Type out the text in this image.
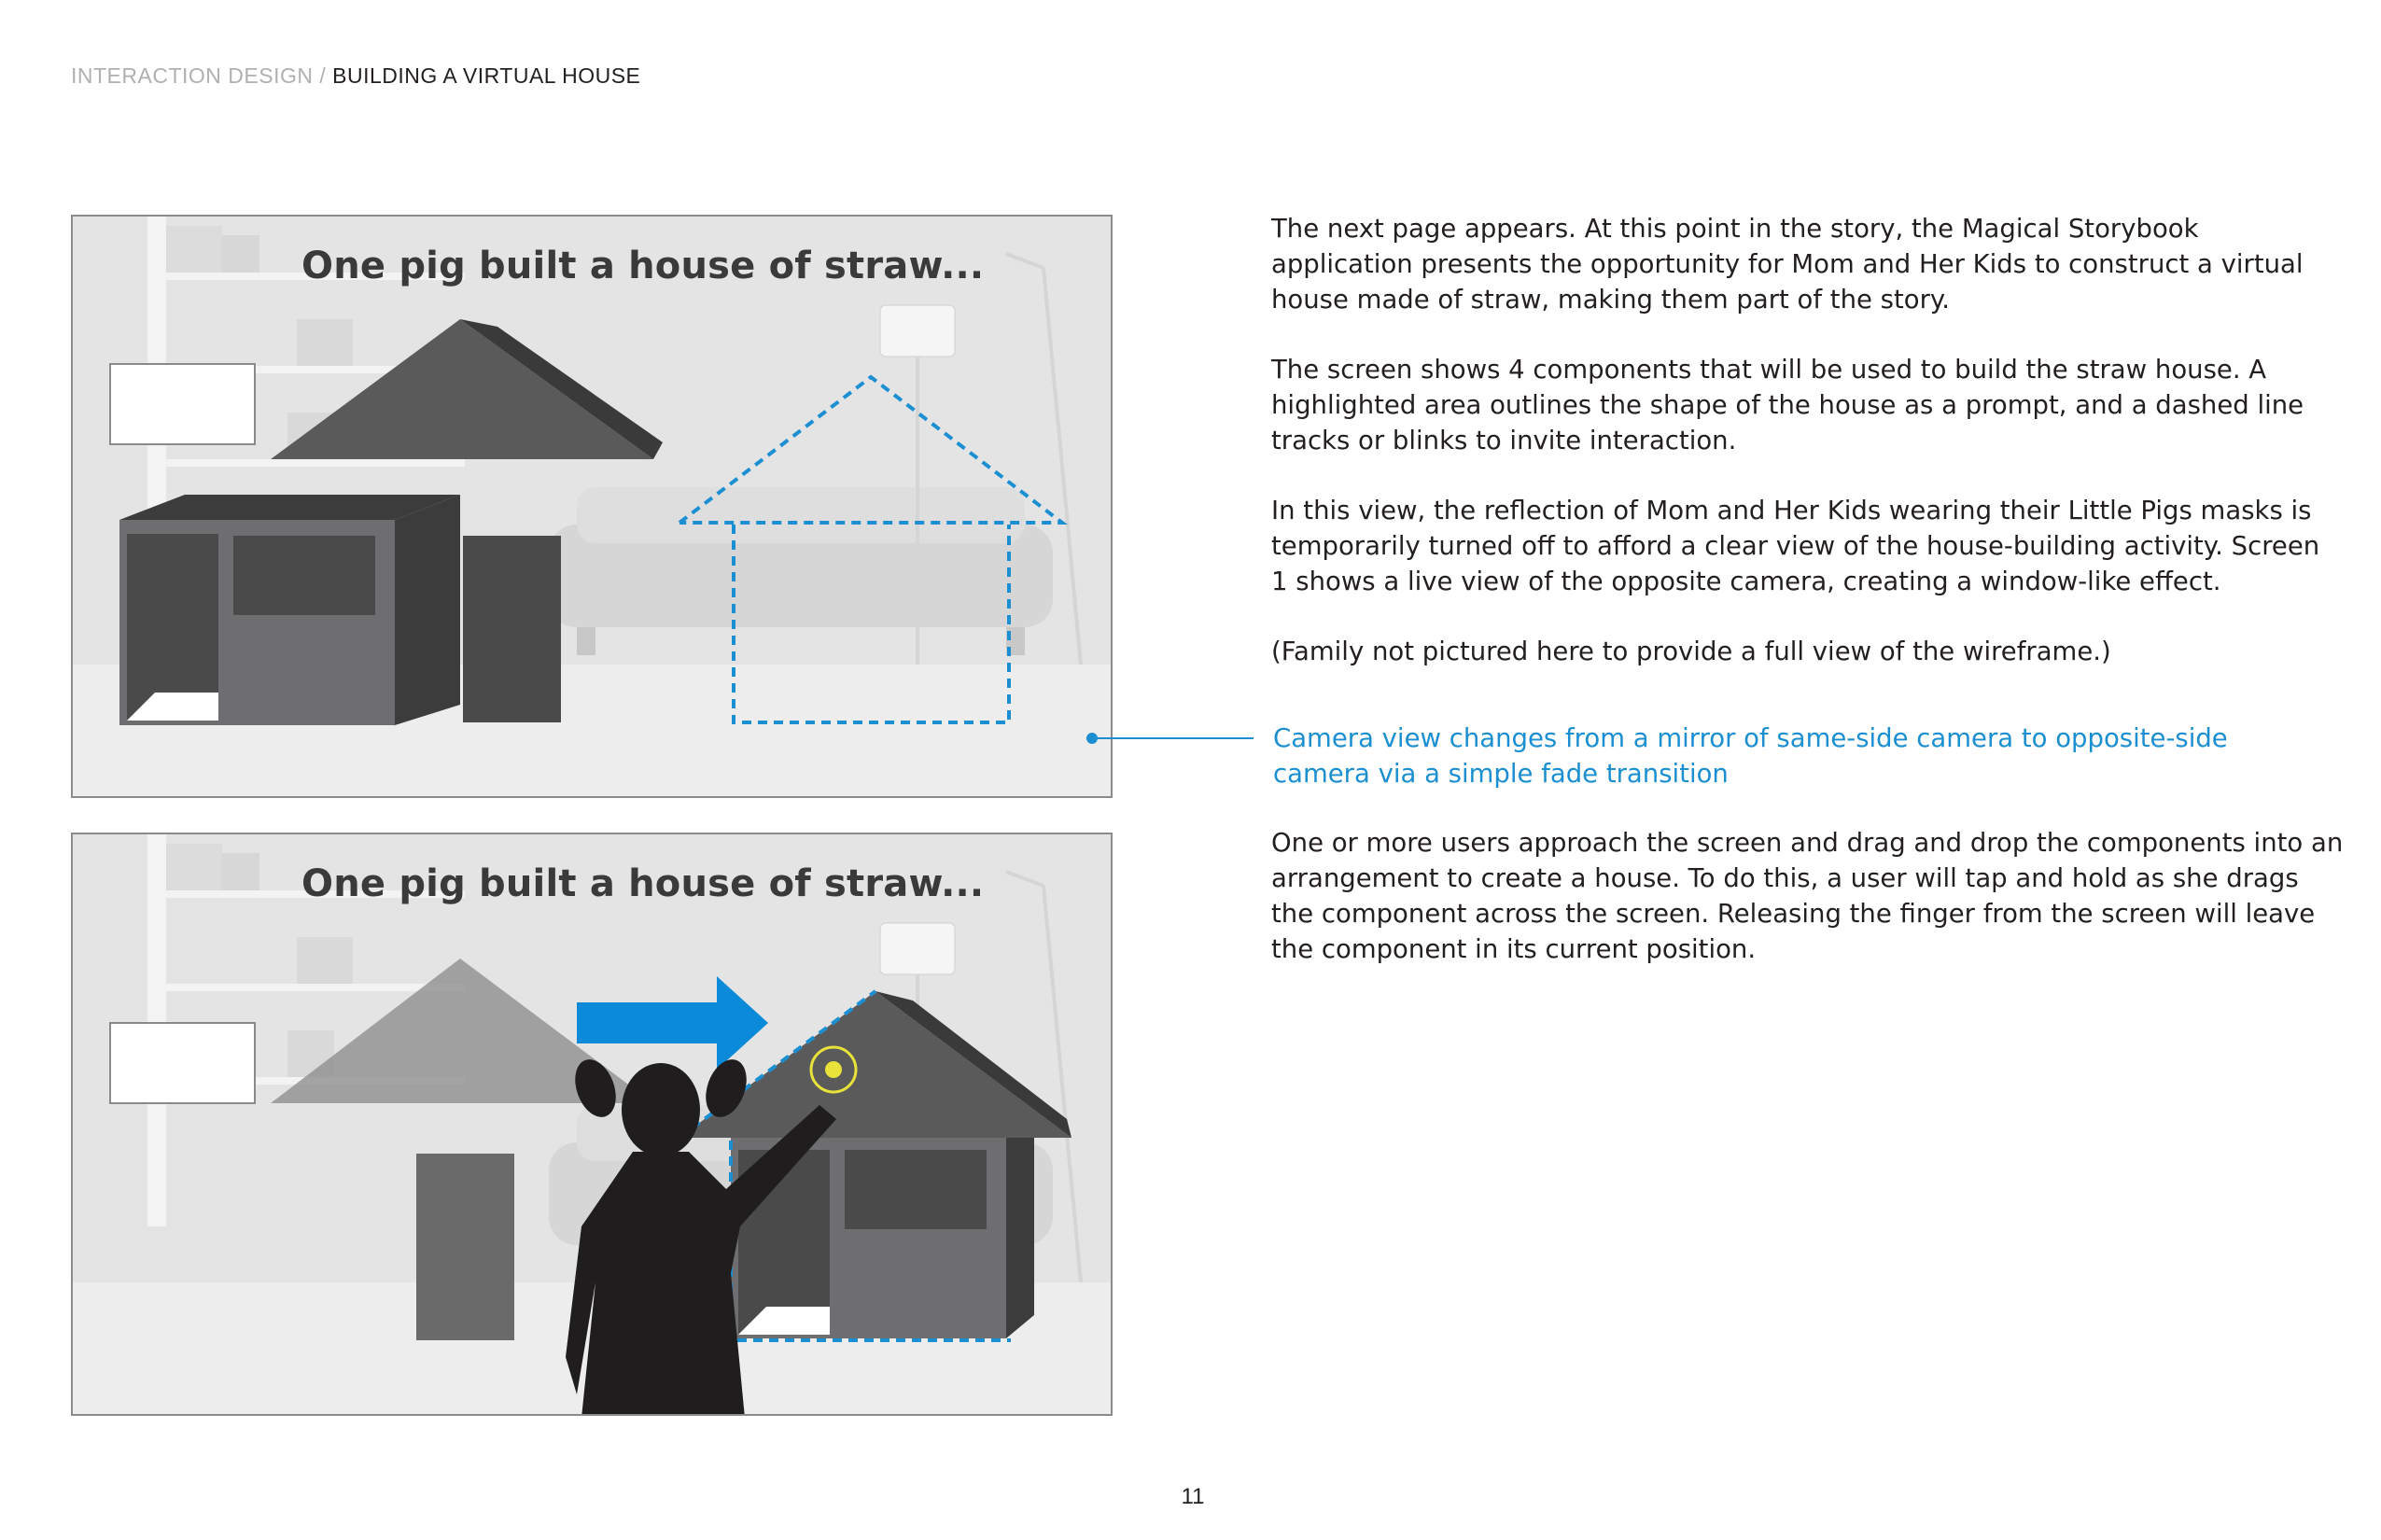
INTERACTION DESIGN / BUILDING A VIRTUAL HOUSE
One pig built a house of straw...
One pig built a house of straw...

The next page appears. At this point in the story, the Magical Storybook application presents the opportunity for Mom and Her Kids to construct a virtual house made of straw, making them part of the story.

The screen shows 4 components that will be used to build the straw house. A highlighted area outlines the shape of the house as a prompt, and a dashed line tracks or blinks to invite interaction.

In this view, the reflection of Mom and Her Kids wearing their Little Pigs masks is temporarily turned off to afford a clear view of the house-building activity. Screen 1 shows a live view of the opposite camera, creating a window-like effect.

(Family not pictured here to provide a full view of the wireframe.)

Camera view changes from a mirror of same-side camera to opposite-side camera via a simple fade transition

One or more users approach the screen and drag and drop the components into an arrangement to create a house. To do this, a user will tap and hold as she drags the component across the screen. Releasing the finger from the screen will leave the component in its current position.

11
